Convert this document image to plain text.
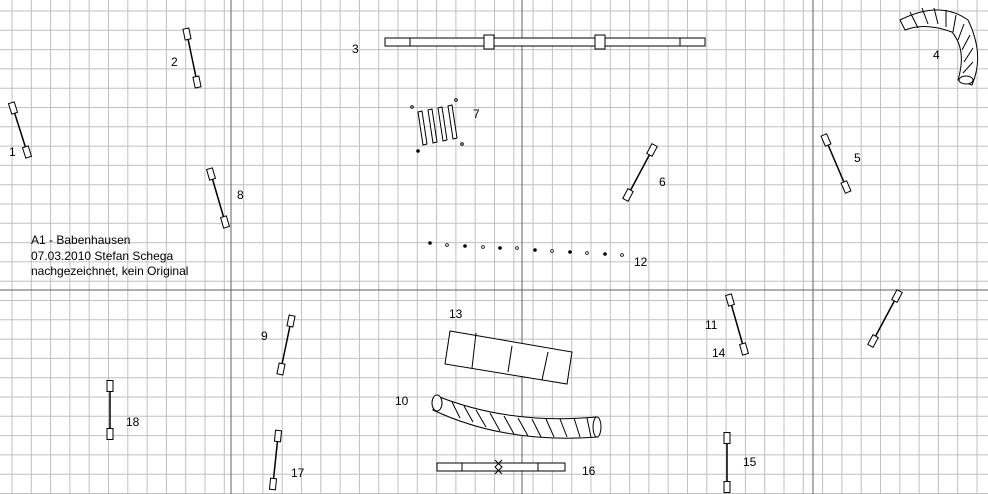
1
2
3	4
5
6
7
8
9
10
11
12
13
14
15
16
17
18
A1 - Babenhausen
07.03.2010 Stefan Schega
nachgezeichnet, kein Original
